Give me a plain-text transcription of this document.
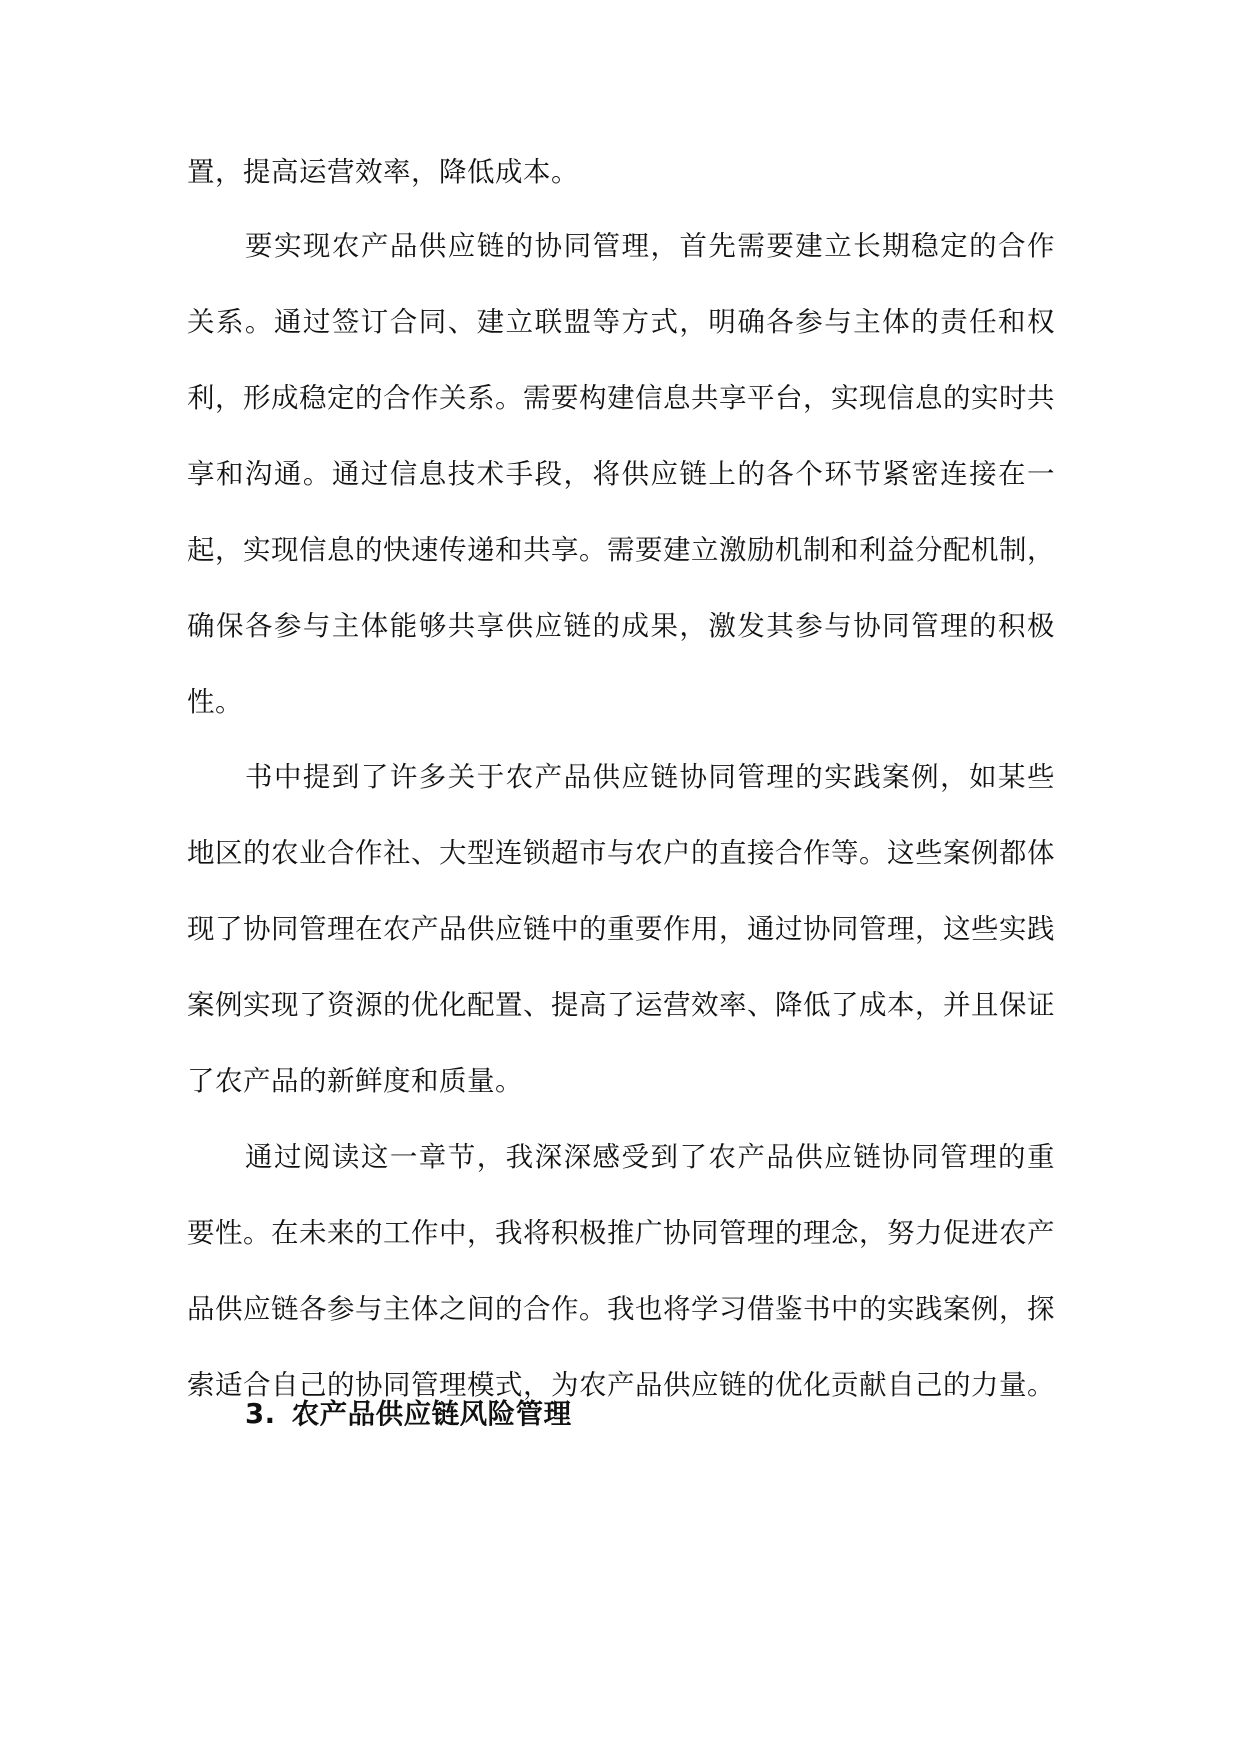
置，提高运营效率，降低成本。

要实现农产品供应链的协同管理，首先需要建立长期稳定的合作关系。通过签订合同、建立联盟等方式，明确各参与主体的责任和权利，形成稳定的合作关系。需要构建信息共享平台，实现信息的实时共享和沟通。通过信息技术手段，将供应链上的各个环节紧密连接在一起，实现信息的快速传递和共享。需要建立激励机制和利益分配机制，确保各参与主体能够共享供应链的成果，激发其参与协同管理的积极性。

书中提到了许多关于农产品供应链协同管理的实践案例，如某些地区的农业合作社、大型连锁超市与农户的直接合作等。这些案例都体现了协同管理在农产品供应链中的重要作用，通过协同管理，这些实践案例实现了资源的优化配置、提高了运营效率、降低了成本，并且保证了农产品的新鲜度和质量。

通过阅读这一章节，我深深感受到了农产品供应链协同管理的重要性。在未来的工作中，我将积极推广协同管理的理念，努力促进农产品供应链各参与主体之间的合作。我也将学习借鉴书中的实践案例，探索适合自己的协同管理模式，为农产品供应链的优化贡献自己的力量。

3. 农产品供应链风险管理
